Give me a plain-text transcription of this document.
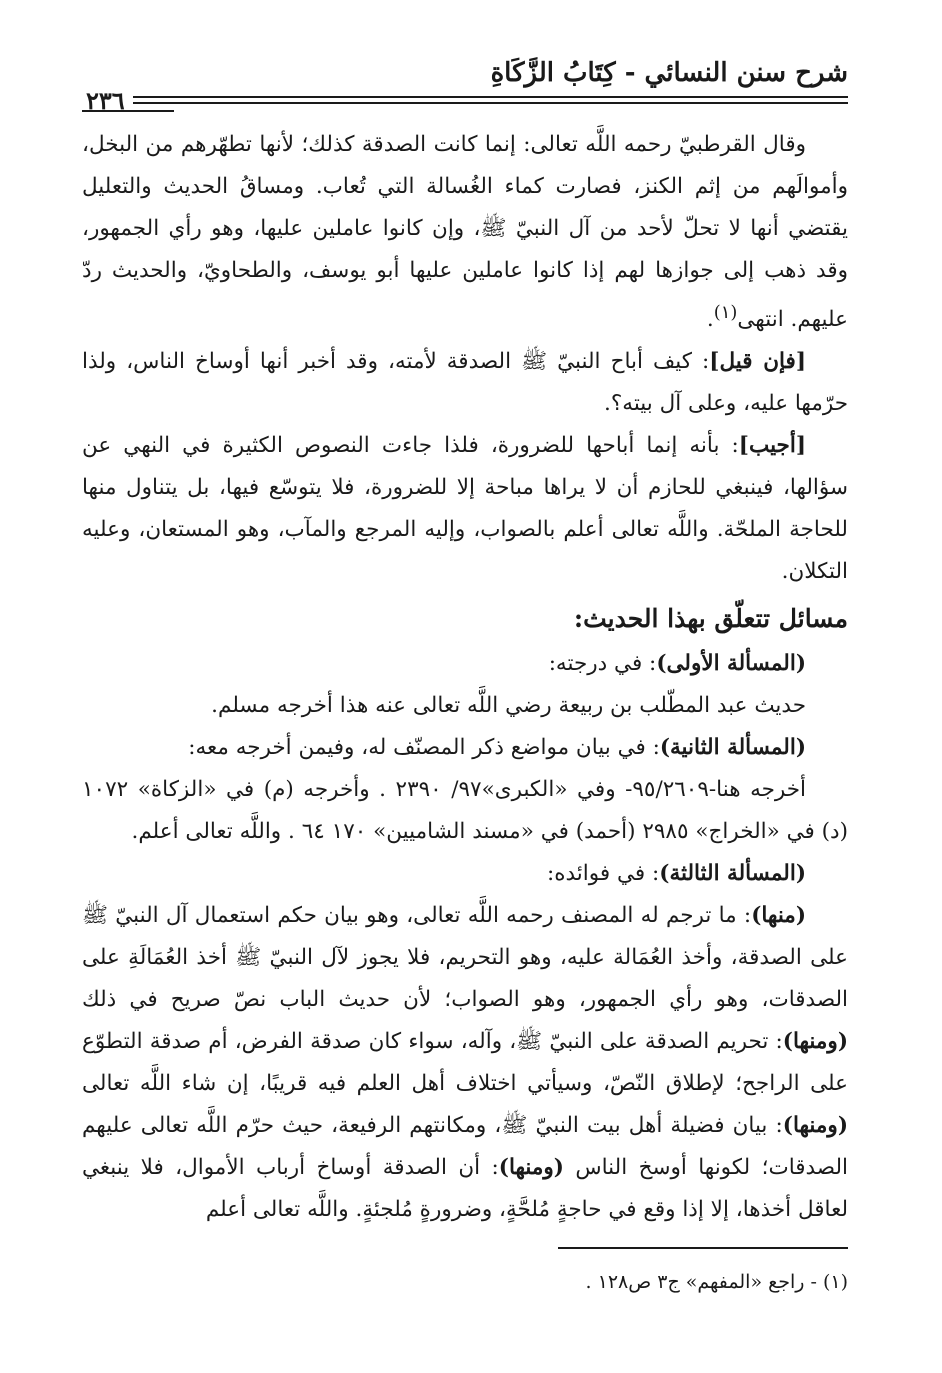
شرح سنن النسائي - كِتَابُ الزَّكَاةِ
٢٣٦

وقال القرطبيّ رحمه اللَّه تعالى: إنما كانت الصدقة كذلك؛ لأنها تطهّرهم من البخل، وأموالَهم من إثم الكنز، فصارت كماء الغُسالة التي تُعاب. ومساقُ الحديث والتعليل يقتضي أنها لا تحلّ لأحد من آل النبيّ ﷺ، وإن كانوا عاملين عليها، وهو رأي الجمهور، وقد ذهب إلى جوازها لهم إذا كانوا عاملين عليها أبو يوسف، والطحاويّ، والحديث ردّ عليهم. انتهى$^{(١)}$.

[فإن قيل]: كيف أباح النبيّ ﷺ الصدقة لأمته، وقد أخبر أنها أوساخ الناس، ولذا حرّمها عليه، وعلى آل بيته؟.

[أجيب]: بأنه إنما أباحها للضرورة، فلذا جاءت النصوص الكثيرة في النهي عن سؤالها، فينبغي للحازم أن لا يراها مباحة إلا للضرورة، فلا يتوسّع فيها، بل يتناول منها للحاجة الملحّة. واللَّه تعالى أعلم بالصواب، وإليه المرجع والمآب، وهو المستعان، وعليه التكلان.

مسائل تتعلّق بهذا الحديث:

(المسألة الأولى): في درجته:

حديث عبد المطّلب بن ربيعة رضي اللَّه تعالى عنه هذا أخرجه مسلم.

(المسألة الثانية): في بيان مواضع ذكر المصنّف له، وفيمن أخرجه معه:

أخرجه هنا-٩٥/٢٦٠٩- وفي «الكبرى»٩٧/ ٢٣٩٠ . وأخرجه (م) في «الزكاة» ١٠٧٢ (د) في «الخراج» ٢٩٨٥ (أحمد) في «مسند الشاميين» ١٧٠ ٦٤ . واللَّه تعالى أعلم.

(المسألة الثالثة): في فوائده:

(منها): ما ترجم له المصنف رحمه اللَّه تعالى، وهو بيان حكم استعمال آل النبيّ ﷺ على الصدقة، وأخذ العُمَالة عليه، وهو التحريم، فلا يجوز لآل النبيّ ﷺ أخذ العُمَالَةِ على الصدقات، وهو رأي الجمهور، وهو الصواب؛ لأن حديث الباب نصّ صريح في ذلك (ومنها): تحريم الصدقة على النبيّ ﷺ، وآله، سواء كان صدقة الفرض، أم صدقة التطوّع على الراجح؛ لإطلاق النّصّ، وسيأتي اختلاف أهل العلم فيه قريبًا، إن شاء اللَّه تعالى (ومنها): بيان فضيلة أهل بيت النبيّ ﷺ، ومكانتهم الرفيعة، حيث حرّم اللَّه تعالى عليهم الصدقات؛ لكونها أوسخ الناس (ومنها): أن الصدقة أوساخ أرباب الأموال، فلا ينبغي لعاقل أخذها، إلا إذا وقع في حاجةٍ مُلحَّةٍ، وضرورةٍ مُلجئةٍ. واللَّه تعالى أعلم

(١) - راجع «المفهم» ج٣ ص١٢٨ .
